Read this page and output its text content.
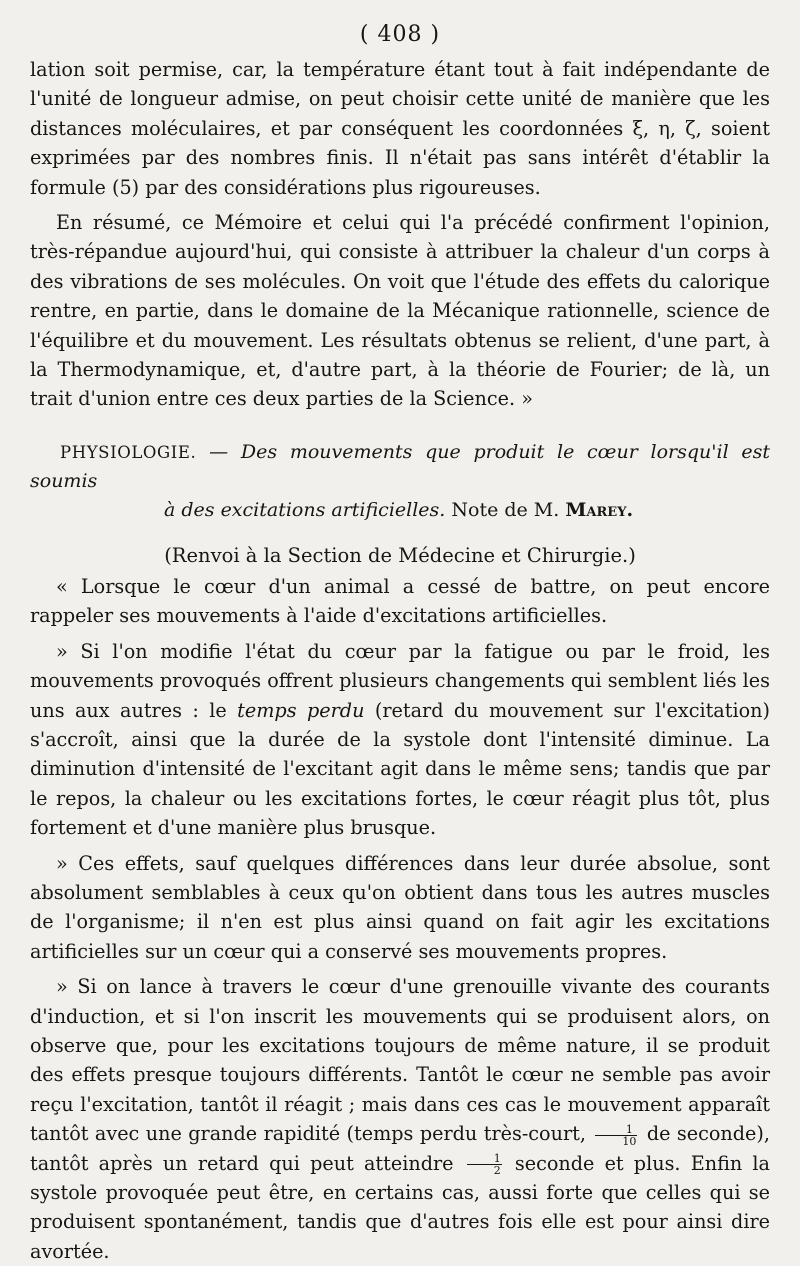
( 408 )

lation soit permise, car, la température étant tout à fait indépendante de l'unité de longueur admise, on peut choisir cette unité de manière que les distances moléculaires, et par conséquent les coordonnées ξ, η, ζ, soient exprimées par des nombres finis. Il n'était pas sans intérêt d'établir la formule (5) par des considérations plus rigoureuses.

En résumé, ce Mémoire et celui qui l'a précédé confirment l'opinion, très-répandue aujourd'hui, qui consiste à attribuer la chaleur d'un corps à des vibrations de ses molécules. On voit que l'étude des effets du calorique rentre, en partie, dans le domaine de la Mécanique rationnelle, science de l'équilibre et du mouvement. Les résultats obtenus se relient, d'une part, à la Thermodynamique, et, d'autre part, à la théorie de Fourier; de là, un trait d'union entre ces deux parties de la Science. »

PHYSIOLOGIE. — Des mouvements que produit le cœur lorsqu'il est soumis
à des excitations artificielles. Note de M. Marey.
(Renvoi à la Section de Médecine et Chirurgie.)

« Lorsque le cœur d'un animal a cessé de battre, on peut encore rappeler ses mouvements à l'aide d'excitations artificielles.

» Si l'on modifie l'état du cœur par la fatigue ou par le froid, les mouvements provoqués offrent plusieurs changements qui semblent liés les uns aux autres : le temps perdu (retard du mouvement sur l'excitation) s'accroît, ainsi que la durée de la systole dont l'intensité diminue. La diminution d'intensité de l'excitant agit dans le même sens; tandis que par le repos, la chaleur ou les excitations fortes, le cœur réagit plus tôt, plus fortement et d'une manière plus brusque.

» Ces effets, sauf quelques différences dans leur durée absolue, sont absolument semblables à ceux qu'on obtient dans tous les autres muscles de l'organisme; il n'en est plus ainsi quand on fait agir les excitations artificielles sur un cœur qui a conservé ses mouvements propres.

» Si on lance à travers le cœur d'une grenouille vivante des courants d'induction, et si l'on inscrit les mouvements qui se produisent alors, on observe que, pour les excitations toujours de même nature, il se produit des effets presque toujours différents. Tantôt le cœur ne semble pas avoir reçu l'excitation, tantôt il réagit ; mais dans ces cas le mouvement apparaît tantôt avec une grande rapidité (temps perdu très-court, $\frac{1}{10}$ de seconde), tantôt après un retard qui peut atteindre $\frac{1}{2}$ seconde et plus. Enfin la systole provoquée peut être, en certains cas, aussi forte que celles qui se produisent spontanément, tandis que d'autres fois elle est pour ainsi dire avortée.
